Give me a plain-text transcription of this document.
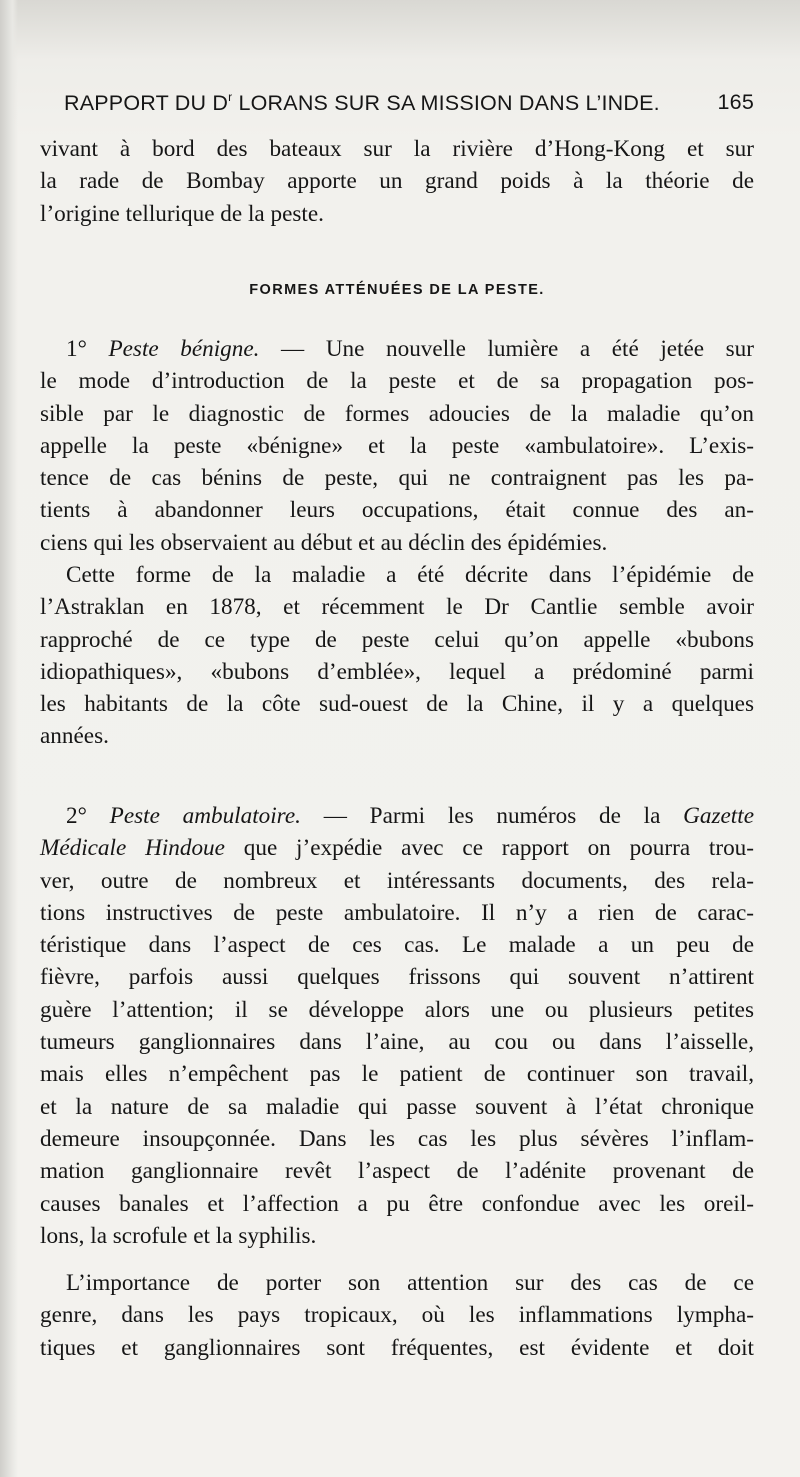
RAPPORT DU $D^r$ LORANS SUR SA MISSION DANS L’INDE.	165
vivant à bord des bateaux sur la rivière d’Hong-Kong et sur
la rade de Bombay apporte un grand poids à la théorie de
l’origine tellurique de la peste.
FORMES ATTÉNUÉES DE LA PESTE.
1° Peste bénigne. — Une nouvelle lumière a été jetée sur
le mode d’introduction de la peste et de sa propagation pos-
sible par le diagnostic de formes adoucies de la maladie qu’on
appelle la peste «bénigne» et la peste «ambulatoire». L’exis-
tence de cas bénins de peste, qui ne contraignent pas les pa-
tients à abandonner leurs occupations, était connue des an-
ciens qui les observaient au début et au déclin des épidémies.
Cette forme de la maladie a été décrite dans l’épidémie de
l’Astraklan en 1878, et récemment le Dr Cantlie semble avoir
rapproché de ce type de peste celui qu’on appelle «bubons
idiopathiques», «bubons d’emblée», lequel a prédominé parmi
les habitants de la côte sud-ouest de la Chine, il y a quelques
années.
2° Peste ambulatoire. — Parmi les numéros de la Gazette
Médicale Hindoue que j’expédie avec ce rapport on pourra trou-
ver, outre de nombreux et intéressants documents, des rela-
tions instructives de peste ambulatoire. Il n’y a rien de carac-
téristique dans l’aspect de ces cas. Le malade a un peu de
fièvre, parfois aussi quelques frissons qui souvent n’attirent
guère l’attention; il se développe alors une ou plusieurs petites
tumeurs ganglionnaires dans l’aine, au cou ou dans l’aisselle,
mais elles n’empêchent pas le patient de continuer son travail,
et la nature de sa maladie qui passe souvent à l’état chronique
demeure insoupçonnée. Dans les cas les plus sévères l’inflam-
mation ganglionnaire revêt l’aspect de l’adénite provenant de
causes banales et l’affection a pu être confondue avec les oreil-
lons, la scrofule et la syphilis.
L’importance de porter son attention sur des cas de ce
genre, dans les pays tropicaux, où les inflammations lympha-
tiques et ganglionnaires sont fréquentes, est évidente et doit
